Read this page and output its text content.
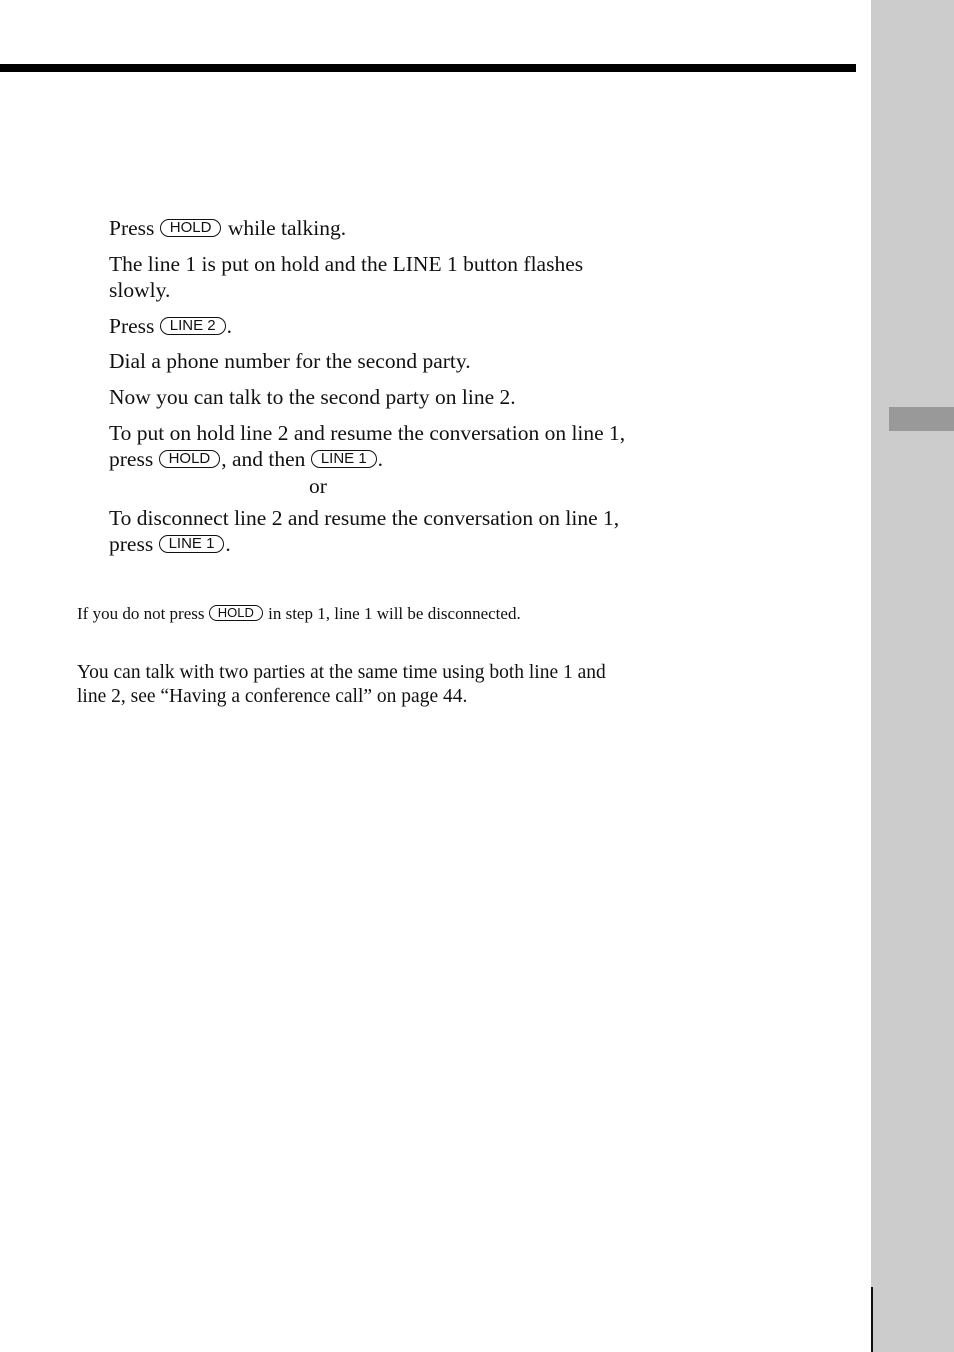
Press HOLD while talking.

The line 1 is put on hold and the LINE 1 button flashes

slowly.

Press LINE 2 .

Dial a phone number for the second party.

Now you can talk to the second party on line 2.

To put on hold line 2 and resume the conversation on line 1,

press HOLD , and then LINE 1 .

or

To disconnect line 2 and resume the conversation on line 1,

press LINE 1 .

If you do not press HOLD in step 1, line 1 will be disconnected.

You can talk with two parties at the same time using both line 1 and

line 2, see “Having a conference call” on page 44.
